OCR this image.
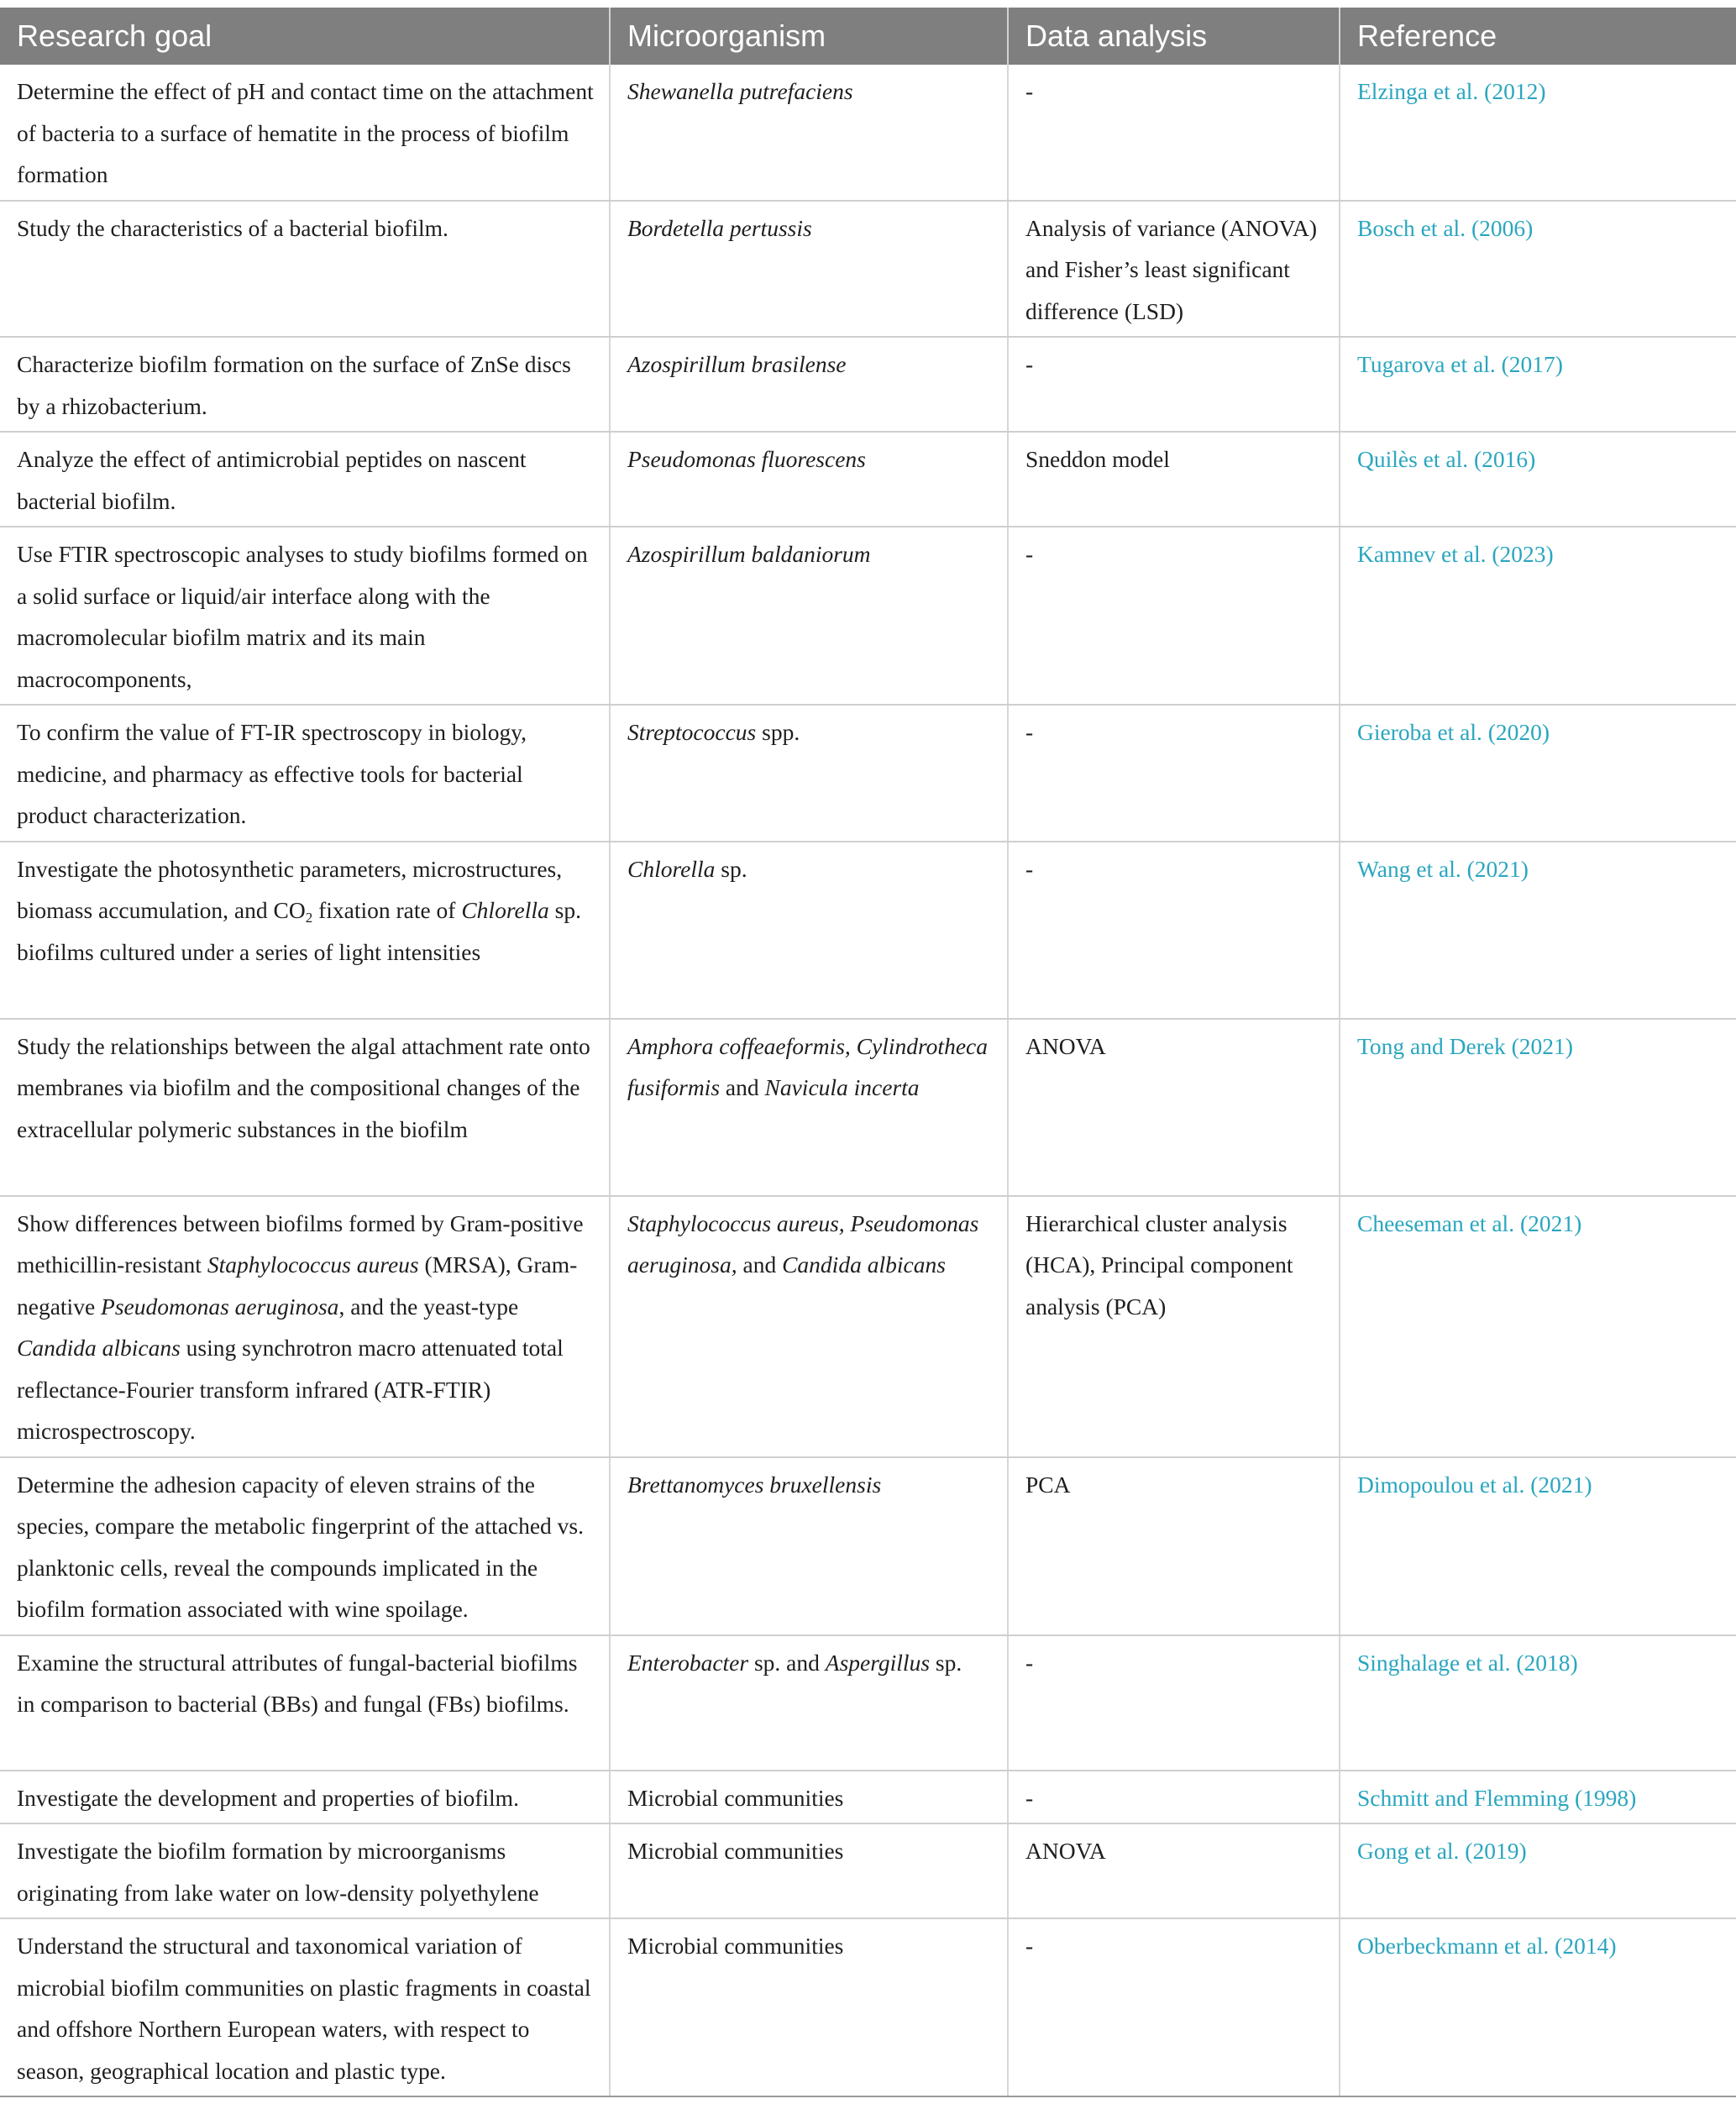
Research goal	Microorganism	Data analysis	Reference
Determine the effect of pH and contact time on the attachment of bacteria to a surface of hematite in the process of biofilm formation	Shewanella putrefaciens	-	Elzinga et al. (2012)
Study the characteristics of a bacterial biofilm.	Bordetella pertussis	Analysis of variance (ANOVA) and Fisher’s least significant difference (LSD)	Bosch et al. (2006)
Characterize biofilm formation on the surface of ZnSe discs by a rhizobacterium.	Azospirillum brasilense	-	Tugarova et al. (2017)
Analyze the effect of antimicrobial peptides on nascent bacterial biofilm.	Pseudomonas fluorescens	Sneddon model	Quilès et al. (2016)
Use FTIR spectroscopic analyses to study biofilms formed on a solid surface or liquid/air interface along with the macromolecular biofilm matrix and its main macrocomponents,	Azospirillum baldaniorum	-	Kamnev et al. (2023)
To confirm the value of FT-IR spectroscopy in biology, medicine, and pharmacy as effective tools for bacterial product characterization.	Streptococcus spp.	-	Gieroba et al. (2020)
Investigate the photosynthetic parameters, microstructures, biomass accumulation, and $CO_2$ fixation rate of Chlorella sp. biofilms cultured under a series of light intensities	Chlorella sp.	-	Wang et al. (2021)
Study the relationships between the algal attachment rate onto membranes via biofilm and the compositional changes of the extracellular polymeric substances in the biofilm	Amphora coffeaeformis, Cylindrotheca fusiformis and Navicula incerta	ANOVA	Tong and Derek (2021)
Show differences between biofilms formed by Gram-positive methicillin-resistant Staphylococcus aureus (MRSA), Gram-negative Pseudomonas aeruginosa, and the yeast-type Candida albicans using synchrotron macro attenuated total reflectance-Fourier transform infrared (ATR-FTIR) microspectroscopy.	Staphylococcus aureus, Pseudomonas aeruginosa, and Candida albicans	Hierarchical cluster analysis (HCA), Principal component analysis (PCA)	Cheeseman et al. (2021)
Determine the adhesion capacity of eleven strains of the species, compare the metabolic fingerprint of the attached vs. planktonic cells, reveal the compounds implicated in the biofilm formation associated with wine spoilage.	Brettanomyces bruxellensis	PCA	Dimopoulou et al. (2021)
Examine the structural attributes of fungal-bacterial biofilms in comparison to bacterial (BBs) and fungal (FBs) biofilms.	Enterobacter sp. and Aspergillus sp.	-	Singhalage et al. (2018)
Investigate the development and properties of biofilm.	Microbial communities	-	Schmitt and Flemming (1998)
Investigate the biofilm formation by microorganisms originating from lake water on low-density polyethylene	Microbial communities	ANOVA	Gong et al. (2019)
Understand the structural and taxonomical variation of microbial biofilm communities on plastic fragments in coastal and offshore Northern European waters, with respect to season, geographical location and plastic type.	Microbial communities	-	Oberbeckmann et al. (2014)
